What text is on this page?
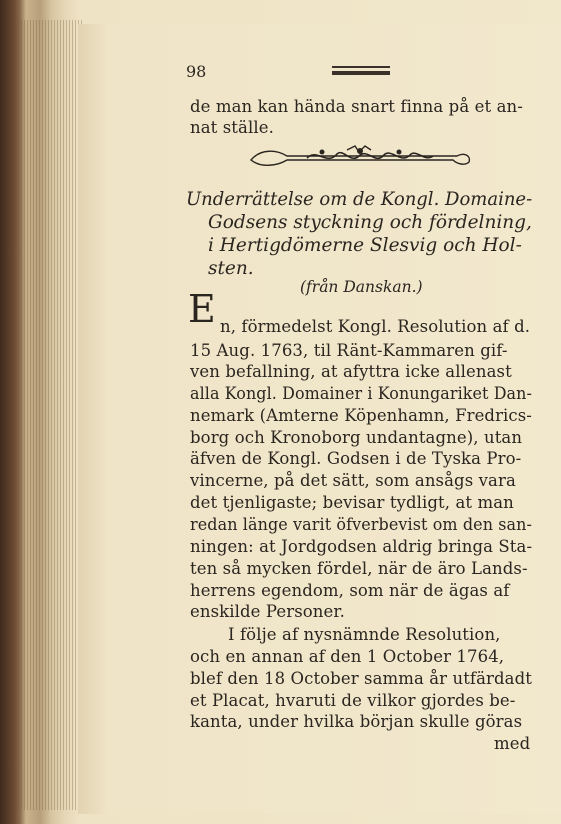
98
de man kan hända snart finna på et an-
nat ställe.
Underrättelse om de Kongl. Domaine-
Godsens styckning och fördelning,
i Hertigdömerne Slesvig och Hol-
sten.
(från Danskan.)
E n, förmedelst Kongl. Resolution af d.
15 Aug. 1763, til Ränt-Kammaren gif-
ven befallning, at afyttra icke allenast
alla Kongl. Domainer i Konungariket Dan-
nemark (Amterne Köpenhamn, Fredrics-
borg och Kronoborg undantagne), utan
äfven de Kongl. Godsen i de Tyska Pro-
vincerne, på det sätt, som ansågs vara
det tjenligaste; bevisar tydligt, at man
redan länge varit öfverbevist om den san-
ningen: at Jordgodsen aldrig bringa Sta-
ten så mycken fördel, när de äro Lands-
herrens egendom, som när de ägas af
enskilde Personer.
I följe af nysnämnde Resolution,
och en annan af den 1 October 1764,
blef den 18 October samma år utfärdadt
et Placat, hvaruti de vilkor gjordes be-
kanta, under hvilka början skulle göras
med
